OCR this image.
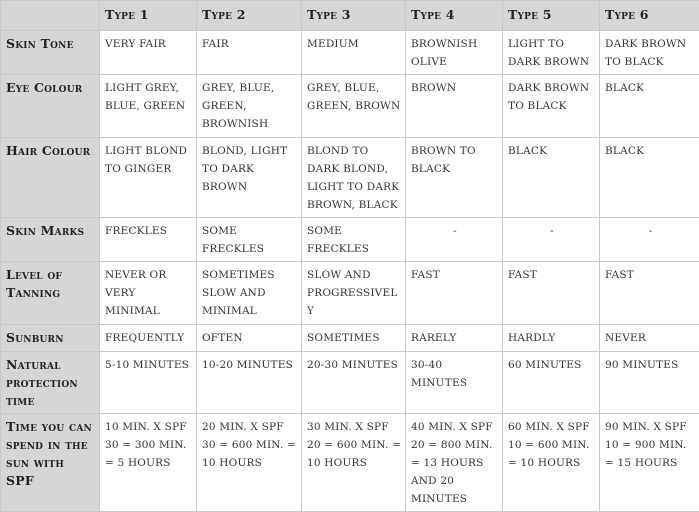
	Type 1	Type 2	Type 3	Type 4	Type 5	Type 6
Skin Tone	VERY FAIR	FAIR	MEDIUM	BROWNISH OLIVE	LIGHT TO DARK BROWN	DARK BROWN TO BLACK
Eye Colour	LIGHT GREY, BLUE, GREEN	GREY, BLUE, GREEN, BROWNISH	GREY, BLUE, GREEN, BROWN	BROWN	DARK BROWN TO BLACK	BLACK
Hair Colour	LIGHT BLOND TO GINGER	BLOND, LIGHT TO DARK BROWN	BLOND TO DARK BLOND, LIGHT TO DARK BROWN, BLACK	BROWN TO BLACK	BLACK	BLACK
Skin Marks	FRECKLES	SOME FRECKLES	SOME FRECKLES	-	-	-
Level of Tanning	NEVER OR VERY MINIMAL	SOMETIMES SLOW AND MINIMAL	SLOW AND PROGRESSIVELY	FAST	FAST	FAST
Sunburn	FREQUENTLY	OFTEN	SOMETIMES	RARELY	HARDLY	NEVER
Natural protection time	5-10 MINUTES	10-20 MINUTES	20-30 MINUTES	30-40 MINUTES	60 MINUTES	90 MINUTES
Time you can spend in the sun with SPF	10 MIN. X SPF 30 = 300 MIN. = 5 HOURS	20 MIN. X SPF 30 = 600 MIN. = 10 HOURS	30 MIN. X SPF 20 = 600 MIN. = 10 HOURS	40 MIN. X SPF 20 = 800 MIN. = 13 HOURS AND 20 MINUTES	60 MIN. X SPF 10 = 600 MIN. = 10 HOURS	90 MIN. X SPF 10 = 900 MIN. = 15 HOURS
